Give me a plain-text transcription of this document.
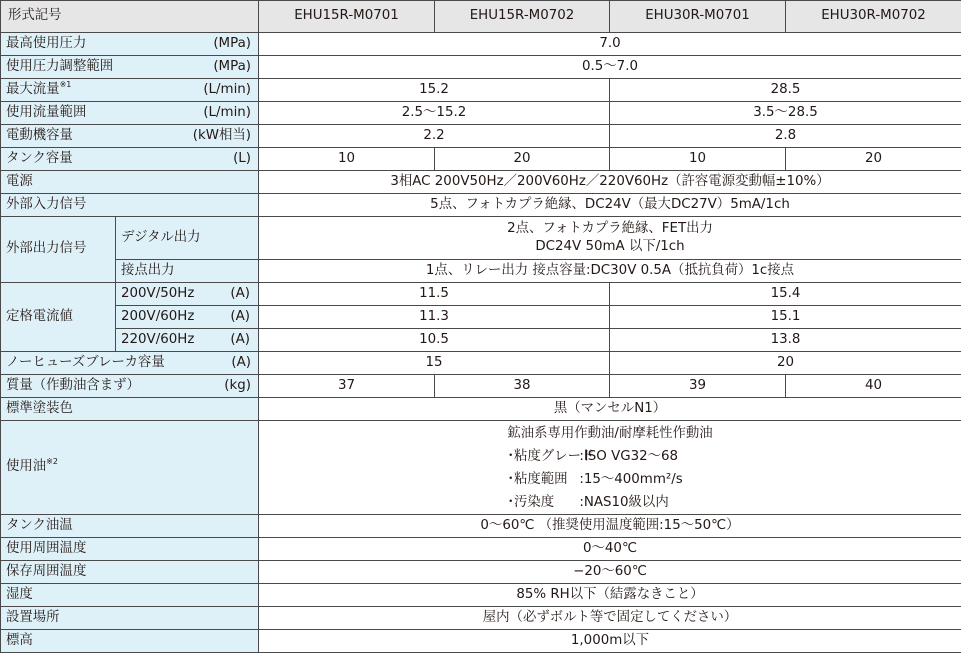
形式記号		EHU15R-M0701	EHU15R-M0702	EHU30R-M0701	EHU30R-M0702

最高使用圧力 (MPa)		7.0			

使用圧力調整範囲 (MPa)		0.5〜7.0			

最大流量$^{※1}$ (L/min)		15.2		28.5	

使用流量範囲 (L/min)		2.5〜15.2		3.5〜28.5	

電動機容量 (kW相当)		2.2		2.8	

タンク容量 (L)		10	20	10	20
電源		3相AC 200V50Hz／200V60Hz／220V60Hz（許容電源変動幅±10%）			
外部入力信号		5点、フォトカプラ絶縁、DC24V（最大DC27V）5mA/1ch			
外部出力信号	デジタル出力	2点、フォトカプラ絶縁、FET出力
DC24V 50mA 以下/1ch			

	接点出力	1点、リレー出力 接点容量:DC30V 0.5A（抵抗負荷）1c接点			
定格電流値	200V/50Hz (A)	11.5		15.4	

	200V/60Hz (A)	11.3		15.1	

	220V/60Hz (A)	10.5		13.8	

ノーヒューズブレーカ容量 (A)		15		20	

質量（作動油含まず） (kg)		37	38	39	40
標準塗装色		黒（マンセルN1）			
使用油$^{※2}$		鉱油系専用作動油/耐摩耗性作動油
･粘度グレード:ISO VG32〜68
･粘度範囲 :15〜400mm²/s
･汚染度 :NAS10級以内			

タンク油温		0〜60℃ （推奨使用温度範囲:15〜50℃）			
使用周囲温度		0〜40℃			
保存周囲温度		−20〜60℃			
湿度		85% RH以下（結露なきこと）			
設置場所		屋内（必ずボルト等で固定してください）			
標高		1,000m以下			
